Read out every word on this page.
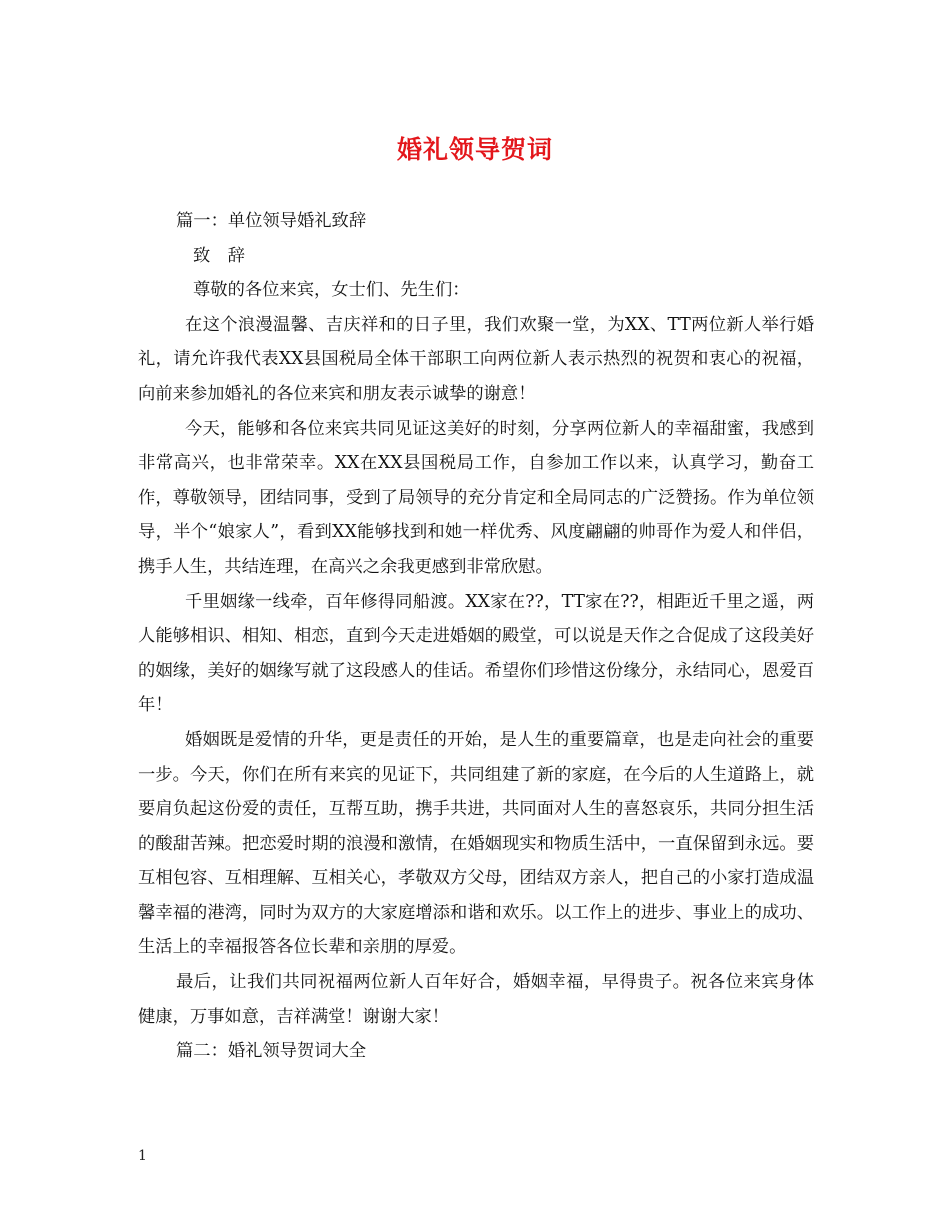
婚礼领导贺词

篇一：单位领导婚礼致辞

致　辞

尊敬的各位来宾，女士们、先生们：

在这个浪漫温馨、吉庆祥和的日子里，我们欢聚一堂，为XX、TT两位新人举行婚礼，请允许我代表XX县国税局全体干部职工向两位新人表示热烈的祝贺和衷心的祝福，向前来参加婚礼的各位来宾和朋友表示诚挚的谢意！

今天，能够和各位来宾共同见证这美好的时刻，分享两位新人的幸福甜蜜，我感到非常高兴，也非常荣幸。XX在XX县国税局工作，自参加工作以来，认真学习，勤奋工作，尊敬领导，团结同事，受到了局领导的充分肯定和全局同志的广泛赞扬。作为单位领导，半个“娘家人”，看到XX能够找到和她一样优秀、风度翩翩的帅哥作为爱人和伴侣，携手人生，共结连理，在高兴之余我更感到非常欣慰。

千里姻缘一线牵，百年修得同船渡。XX家在??，TT家在??，相距近千里之遥，两人能够相识、相知、相恋，直到今天走进婚姻的殿堂，可以说是天作之合促成了这段美好的姻缘，美好的姻缘写就了这段感人的佳话。希望你们珍惜这份缘分，永结同心，恩爱百年！

婚姻既是爱情的升华，更是责任的开始，是人生的重要篇章，也是走向社会的重要一步。今天，你们在所有来宾的见证下，共同组建了新的家庭，在今后的人生道路上，就要肩负起这份爱的责任，互帮互助，携手共进，共同面对人生的喜怒哀乐，共同分担生活的酸甜苦辣。把恋爱时期的浪漫和激情，在婚姻现实和物质生活中，一直保留到永远。要互相包容、互相理解、互相关心，孝敬双方父母，团结双方亲人，把自己的小家打造成温馨幸福的港湾，同时为双方的大家庭增添和谐和欢乐。以工作上的进步、事业上的成功、生活上的幸福报答各位长辈和亲朋的厚爱。

最后，让我们共同祝福两位新人百年好合，婚姻幸福，早得贵子。祝各位来宾身体健康，万事如意，吉祥满堂！谢谢大家！

篇二：婚礼领导贺词大全

1
